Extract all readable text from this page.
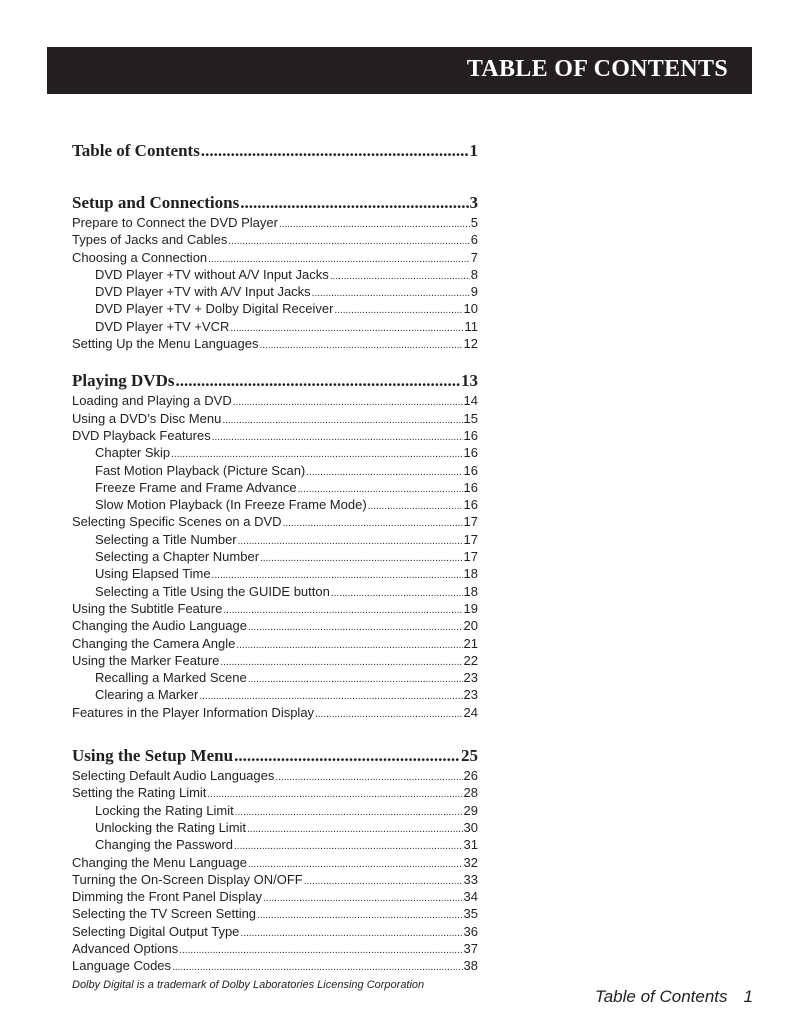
TABLE OF CONTENTS
Table of Contents .....	1
Setup and Connections .....	3
Prepare to Connect the DVD Player .....	5
Types of Jacks and Cables .....	6
Choosing a Connection .....	7
DVD Player +TV without A/V Input Jacks .....	8
DVD Player +TV with A/V Input Jacks .....	9
DVD Player +TV + Dolby Digital Receiver .....	10
DVD Player +TV +VCR .....	11
Setting Up the Menu Languages .....	12
Playing DVDs .....	13
Loading and Playing a DVD .....	14
Using a DVD’s Disc Menu .....	15
DVD Playback Features .....	16
Chapter Skip .....	16
Fast Motion Playback (Picture Scan) .....	16
Freeze Frame and Frame Advance .....	16
Slow Motion Playback (In Freeze Frame Mode) .....	16
Selecting Specific Scenes on a DVD .....	17
Selecting a Title Number .....	17
Selecting a Chapter Number .....	17
Using Elapsed Time .....	18
Selecting a Title Using the GUIDE button .....	18
Using the Subtitle Feature .....	19
Changing the Audio Language .....	20
Changing the Camera Angle .....	21
Using the Marker Feature .....	22
Recalling a Marked Scene .....	23
Clearing a Marker .....	23
Features in the Player Information Display .....	24
Using the Setup Menu .....	25
Selecting Default Audio Languages .....	26
Setting the Rating Limit .....	28
Locking the Rating Limit .....	29
Unlocking the Rating Limit .....	30
Changing the Password .....	31
Changing the Menu Language .....	32
Turning the On-Screen Display ON/OFF .....	33
Dimming the Front Panel Display .....	34
Selecting the TV Screen Setting .....	35
Selecting Digital Output Type .....	36
Advanced Options .....	37
Language Codes .....	38
Dolby Digital is a trademark of Dolby Laboratories Licensing Corporation
Table of Contents 1
